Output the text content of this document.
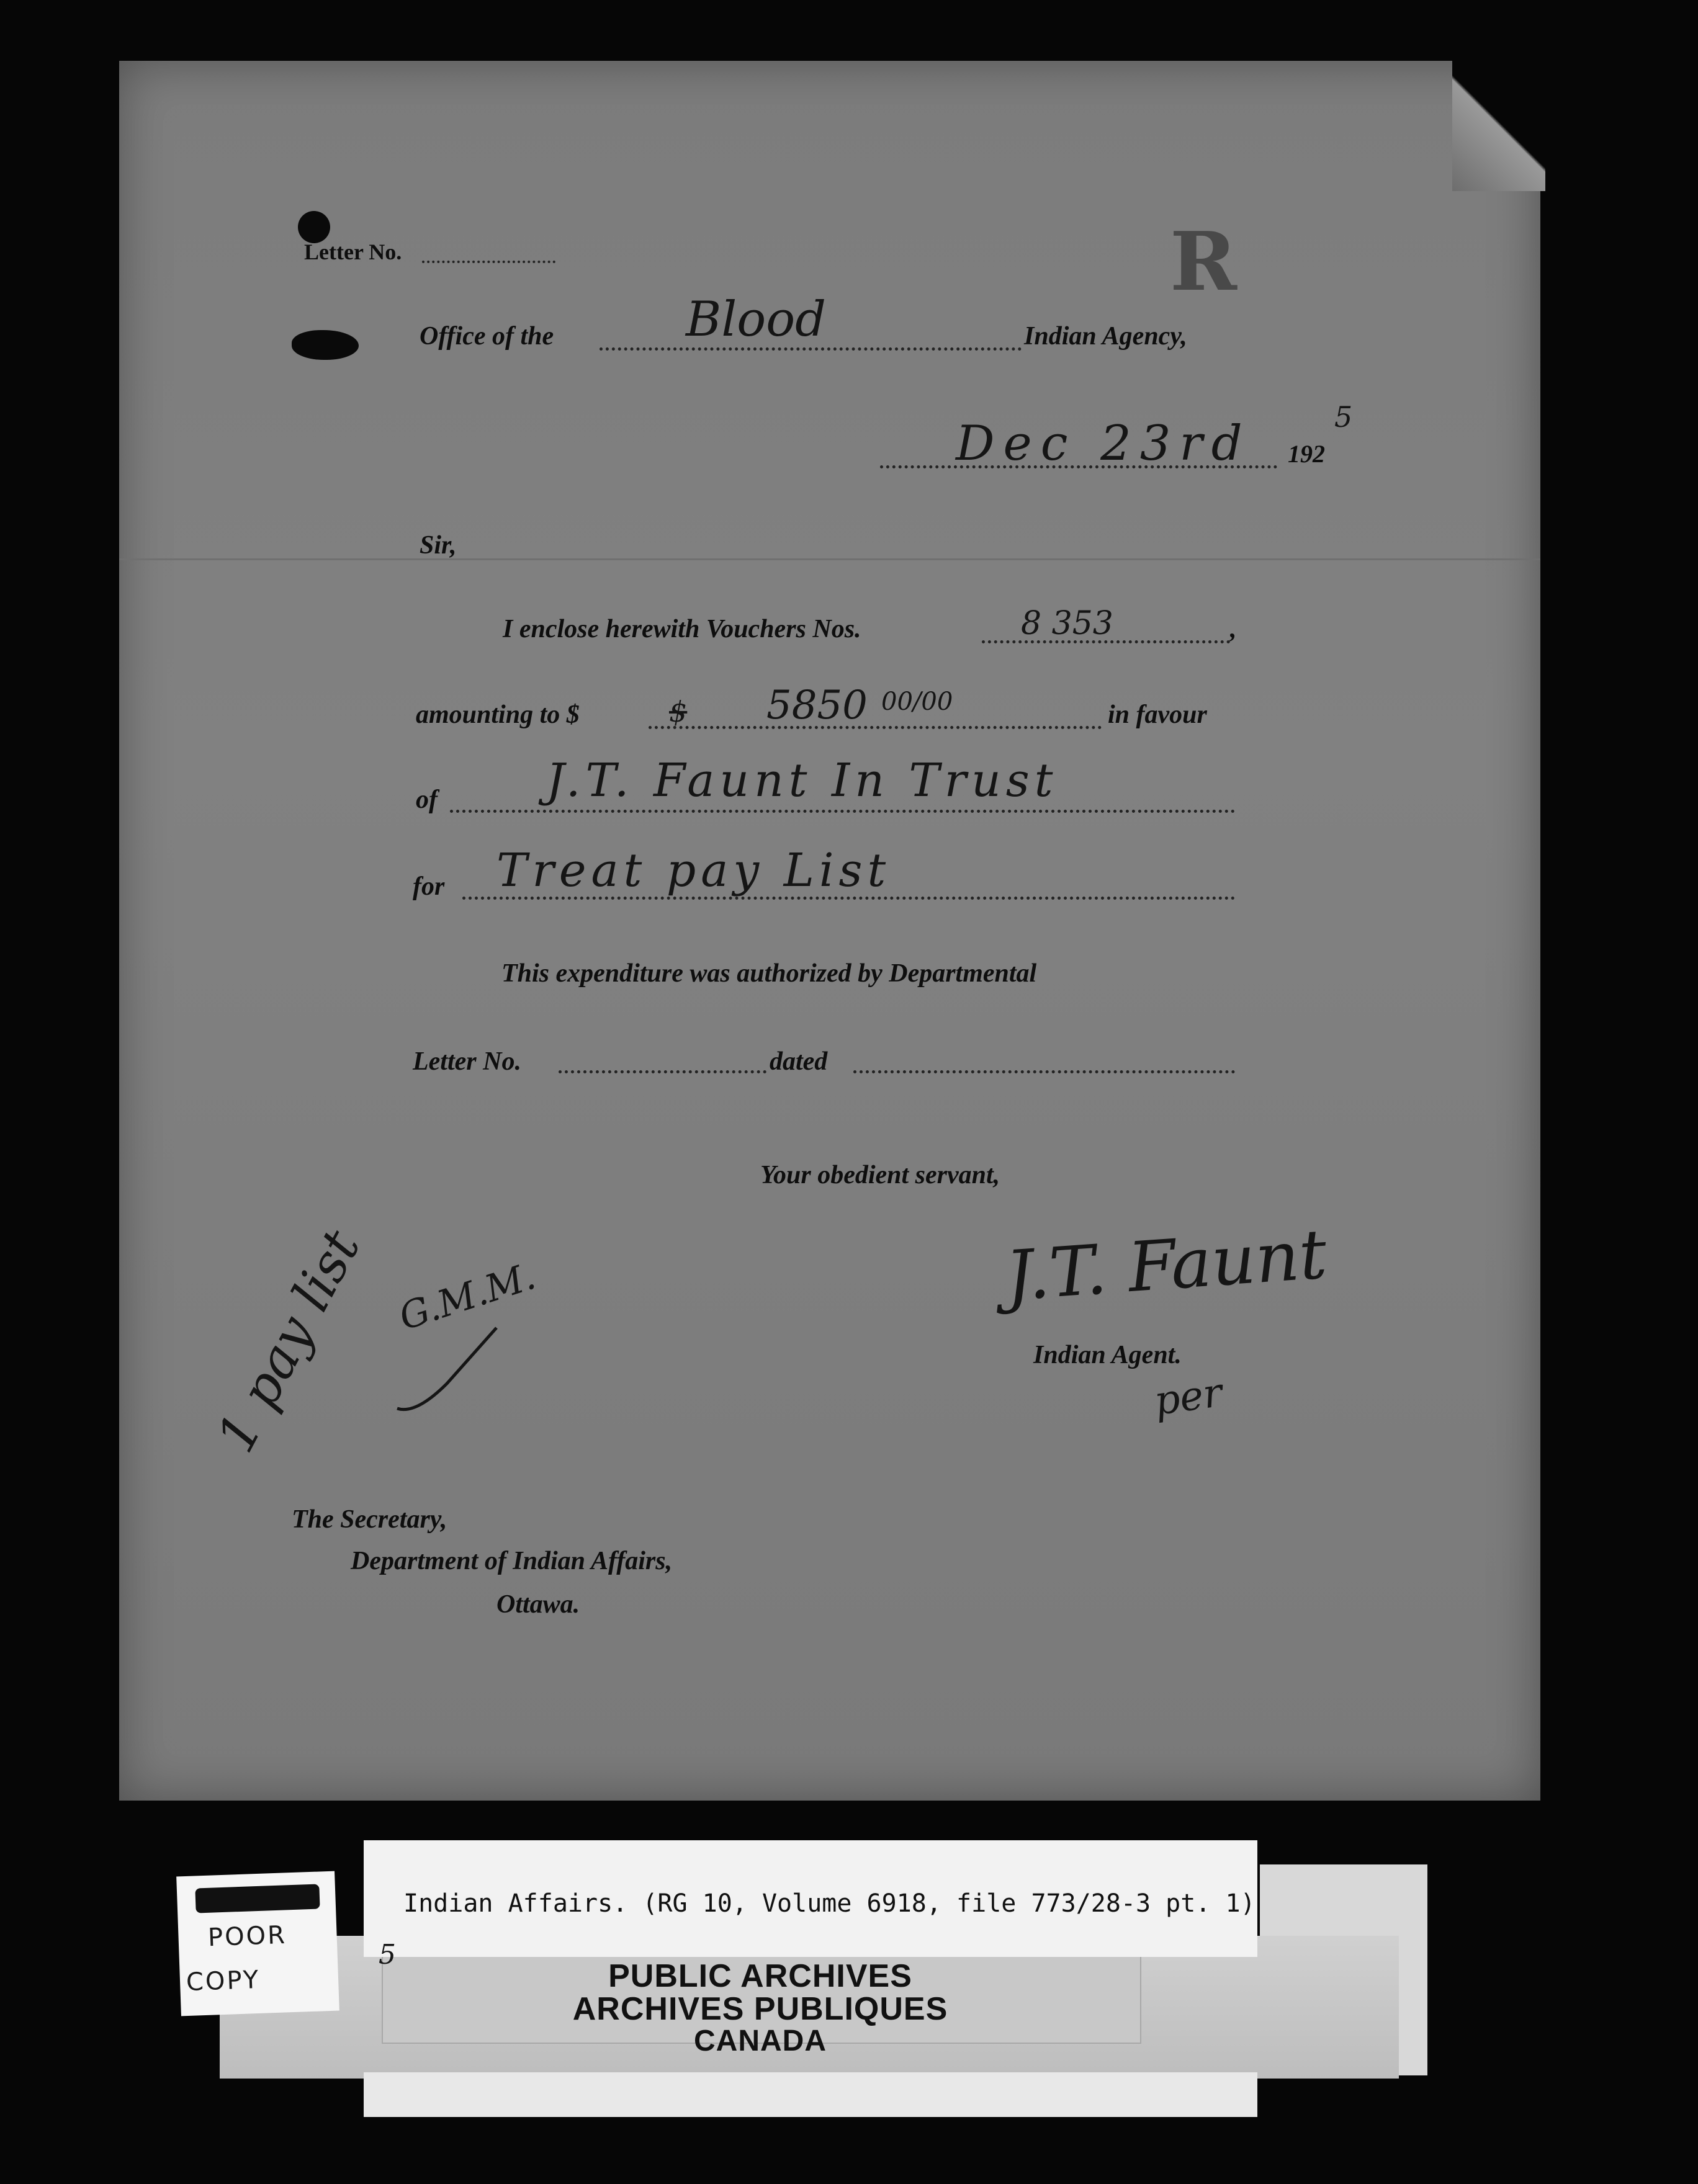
R
Letter No.
Office of the	Blood	Indian Agency,
Dec 23rd 192
5
Sir,
I enclose herewith Vouchers Nos.	8 353	,
amounting to $	$ 5850 00/00	in favour
of J.T. Faunt In Trust
for Treat pay List
This expenditure was authorized by Departmental
Letter No.	dated
Your obedient servant,
J.T. Faunt
Indian Agent.
per
1 pay list G.M.M.
The Secretary,
Department of Indian Affairs,
Ottawa.
Indian Affairs. (RG 10, Volume 6918, file 773/28-3 pt. 1)
5
PUBLIC ARCHIVES
ARCHIVES PUBLIQUES
CANADA
POOR
COPY
